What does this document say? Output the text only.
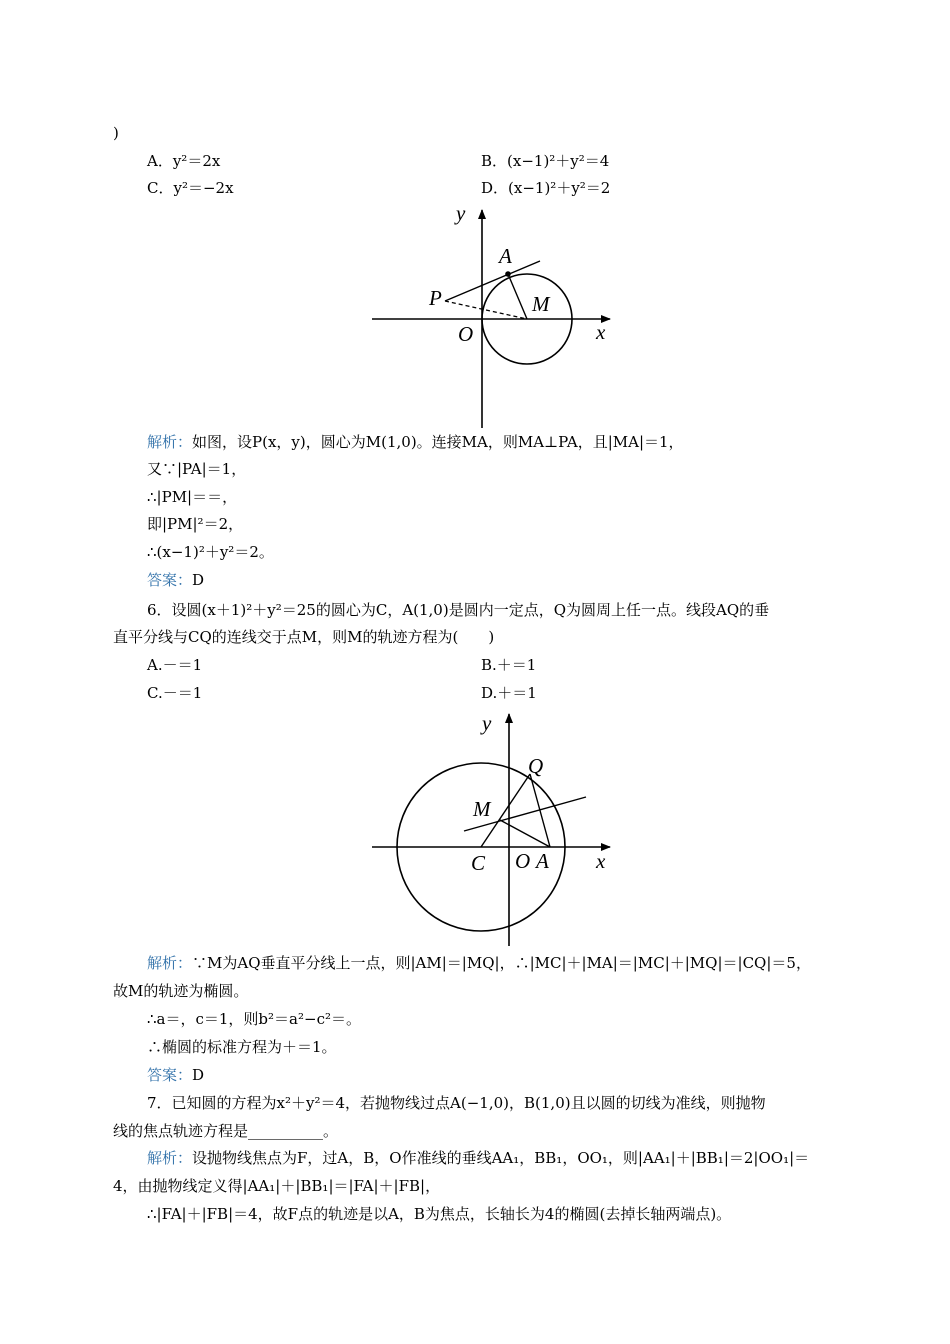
)
A．y²＝2x	B．(x−1)²＋y²＝4
C．y²＝−2x	D．(x−1)²＋y²＝2
y
x
A
P	M
O
解析：如图，设P(x，y)，圆心为M(1,0)。连接MA，则MA⊥PA，且|MA|＝1，
又∵|PA|＝1，
∴|PM|＝＝，
即|PM|²＝2，
∴(x−1)²＋y²＝2。
答案：D
6．设圆(x＋1)²＋y²＝25的圆心为C，A(1,0)是圆内一定点，Q为圆周上任一点。线段AQ的垂
直平分线与CQ的连线交于点M，则M的轨迹方程为(　　)
A.－＝1	B.＋＝1
C.－＝1	D.＋＝1
y
x
Q
M
C O A
解析：∵M为AQ垂直平分线上一点，则|AM|＝|MQ|，∴|MC|＋|MA|＝|MC|＋|MQ|＝|CQ|＝5，
故M的轨迹为椭圆。
∴a＝，c＝1，则b²＝a²−c²＝。
∴椭圆的标准方程为＋＝1。
答案：D
7．已知圆的方程为x²＋y²＝4，若抛物线过点A(−1,0)，B(1,0)且以圆的切线为准线，则抛物
线的焦点轨迹方程是__________。
解析：设抛物线焦点为F，过A，B，O作准线的垂线AA₁，BB₁，OO₁，则|AA₁|＋|BB₁|＝2|OO₁|＝
4，由抛物线定义得|AA₁|＋|BB₁|＝|FA|＋|FB|，
∴|FA|＋|FB|＝4，故F点的轨迹是以A，B为焦点，长轴长为4的椭圆(去掉长轴两端点)。
